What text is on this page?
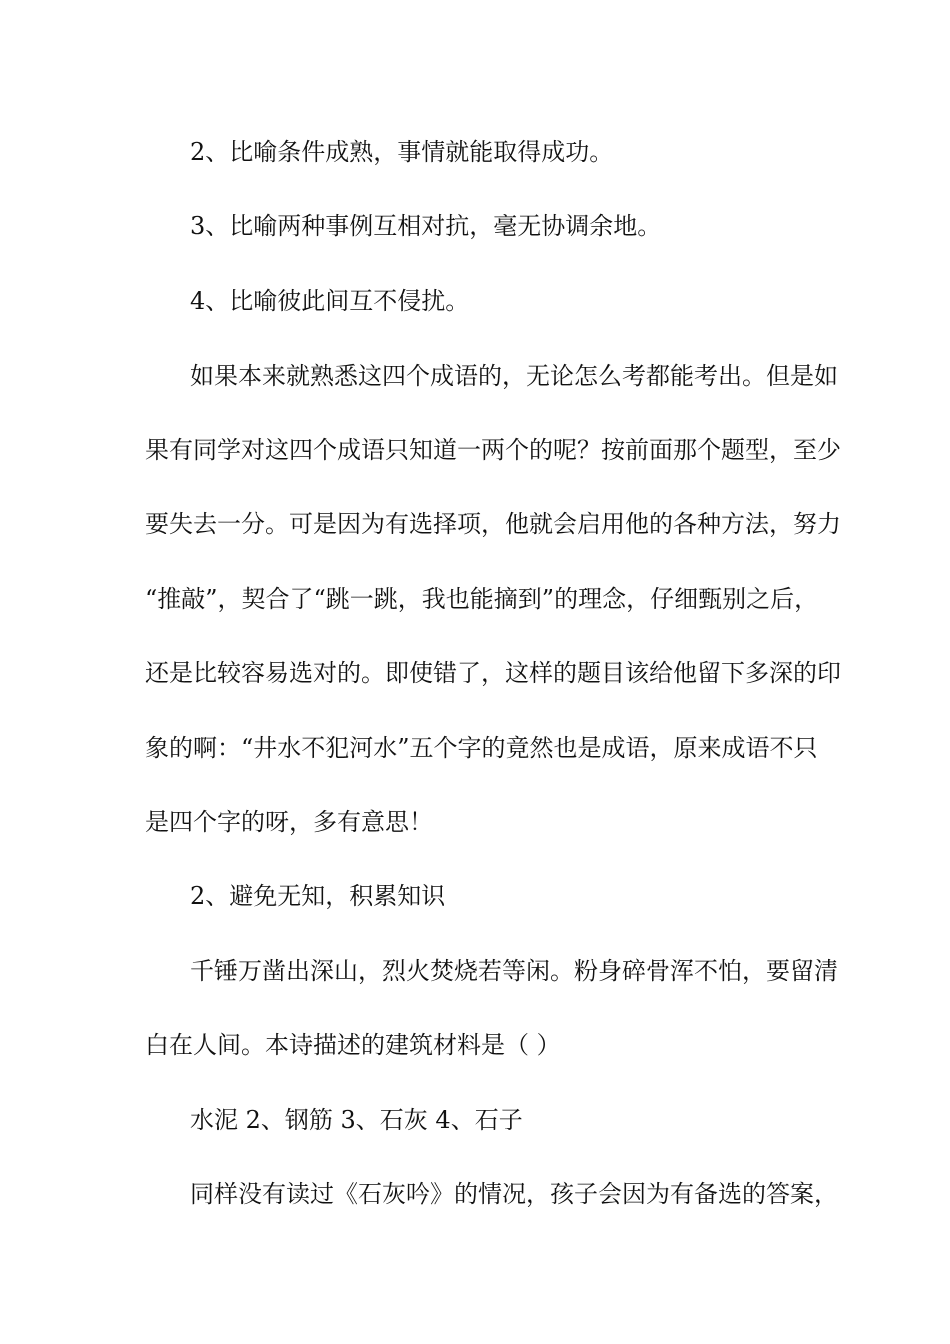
2、比喻条件成熟，事情就能取得成功。
3、比喻两种事例互相对抗，毫无协调余地。
4、比喻彼此间互不侵扰。
如果本来就熟悉这四个成语的，无论怎么考都能考出。但是如
果有同学对这四个成语只知道一两个的呢？按前面那个题型，至少
要失去一分。可是因为有选择项，他就会启用他的各种方法，努力
“推敲”，契合了“跳一跳，我也能摘到”的理念，仔细甄别之后，
还是比较容易选对的。即使错了，这样的题目该给他留下多深的印
象的啊：“井水不犯河水”五个字的竟然也是成语，原来成语不只
是四个字的呀，多有意思！
2、避免无知，积累知识
千锤万凿出深山，烈火焚烧若等闲。粉身碎骨浑不怕，要留清
白在人间。本诗描述的建筑材料是（ ）
水泥 2、钢筋 3、石灰 4、石子
同样没有读过《石灰吟》的情况，孩子会因为有备选的答案，
